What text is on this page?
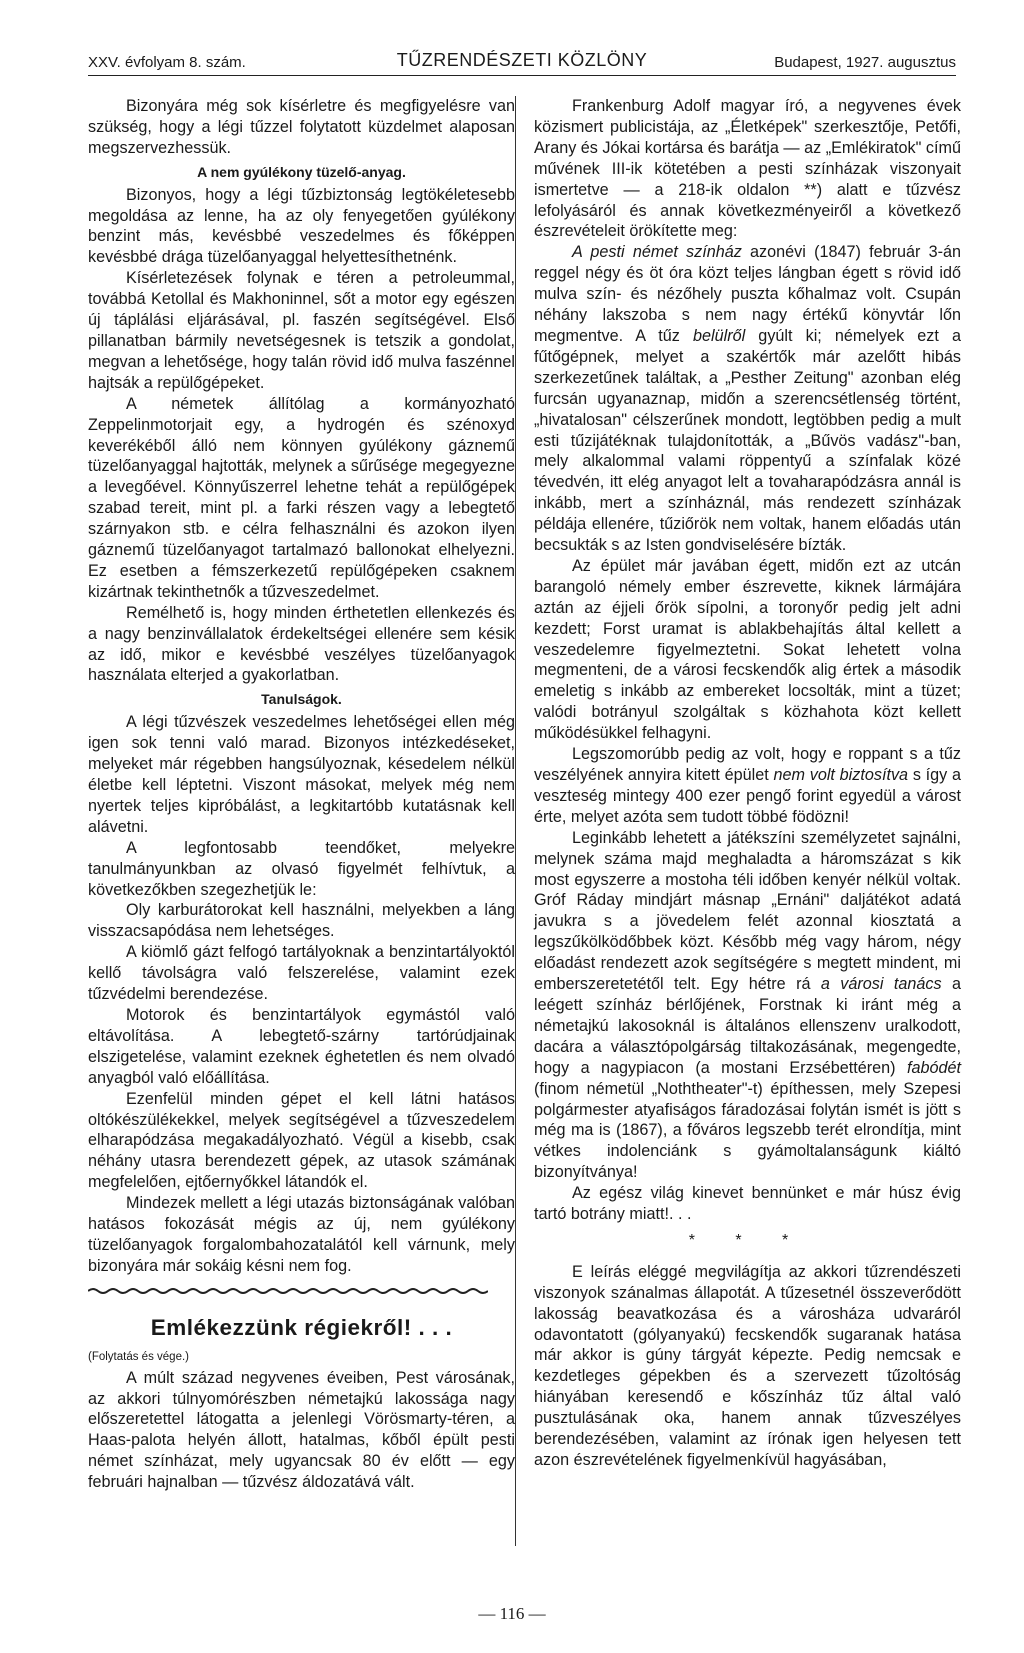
XXV. évfolyam 8. szám.	TŰZRENDÉSZETI KÖZLÖNY	Budapest, 1927. augusztus

Bizonyára még sok kísérletre és megfigyelésre van szükség, hogy a légi tűzzel folytatott küzdelmet alaposan megszervezhessük.

A nem gyúlékony tüzelő-anyag.

Bizonyos, hogy a légi tűzbiztonság legtökéletesebb megoldása az lenne, ha az oly fenyegetően gyúlékony benzint más, kevésbbé veszedelmes és főképpen kevésbbé drága tüzelőanyaggal helyettesíthetnénk.

Kísérletezések folynak e téren a petroleummal, továbbá Ketollal és Makhoninnel, sőt a motor egy egészen új táplálási eljárásával, pl. faszén segítségével. Első pillanatban bármily nevetségesnek is tetszik a gondolat, megvan a lehetősége, hogy talán rövid idő mulva faszénnel hajtsák a repülőgépeket.

A németek állítólag a kormányozható Zeppelinmotorjait egy, a hydrogén és szénoxyd keverékéből álló nem könnyen gyúlékony gáznemű tüzelőanyaggal hajtották, melynek a sűrűsége megegyezne a levegőével. Könnyűszerrel lehetne tehát a repülőgépek szabad tereit, mint pl. a farki részen vagy a lebegtető szárnyakon stb. e célra felhasználni és azokon ilyen gáznemű tüzelőanyagot tartalmazó ballonokat elhelyezni. Ez esetben a fémszerkezetű repülőgépeken csaknem kizártnak tekinthetnők a tűzveszedelmet.

Remélhető is, hogy minden érthetetlen ellenkezés és a nagy benzinvállalatok érdekeltségei ellenére sem késik az idő, mikor e kevésbbé veszélyes tüzelőanyagok használata elterjed a gyakorlatban.

Tanulságok.

A légi tűzvészek veszedelmes lehetőségei ellen még igen sok tenni való marad. Bizonyos intézkedéseket, melyeket már régebben hangsúlyoznak, késedelem nélkül életbe kell léptetni. Viszont másokat, melyek még nem nyertek teljes kipróbálást, a legkitartóbb kutatásnak kell alávetni.

A legfontosabb teendőket, melyekre tanulmányunkban az olvasó figyelmét felhívtuk, a következőkben szegezhetjük le:

Oly karburátorokat kell használni, melyekben a láng visszacsapódása nem lehetséges.

A kiömlő gázt felfogó tartályoknak a benzintartályoktól kellő távolságra való felszerelése, valamint ezek tűzvédelmi berendezése.

Motorok és benzintartályok egymástól való eltávolítása. A lebegtető-szárny tartórúdjainak elszigetelése, valamint ezeknek éghetetlen és nem olvadó anyagból való előállítása.

Ezenfelül minden gépet el kell látni hatásos oltókészülékekkel, melyek segítségével a tűzveszedelem elharapódzása megakadályozható. Végül a kisebb, csak néhány utasra berendezett gépek, az utasok számának megfelelően, ejtőernyőkkel látandók el.

Mindezek mellett a légi utazás biztonságának valóban hatásos fokozását mégis az új, nem gyúlékony tüzelőanyagok forgalombahozatalától kell várnunk, mely bizonyára már sokáig késni nem fog.

Emlékezzünk régiekről! . . .

(Folytatás és vége.)

A múlt század negyvenes éveiben, Pest városának, az akkori túlnyomórészben németajkú lakossága nagy előszeretettel látogatta a jelenlegi Vörösmarty-téren, a Haas-palota helyén állott, hatalmas, kőből épült pesti német színházat, mely ugyancsak 80 év előtt — egy februári hajnalban — tűzvész áldozatává vált.

Frankenburg Adolf magyar író, a negyvenes évek közismert publicistája, az „Életképek" szerkesztője, Petőfi, Arany és Jókai kortársa és barátja — az „Emlékiratok" című művének III-ik kötetében a pesti színházak viszonyait ismertetve — a 218-ik oldalon **) alatt e tűzvész lefolyásáról és annak következményeiről a következő észrevételeit örökítette meg:

A pesti német színház azonévi (1847) február 3-án reggel négy és öt óra közt teljes lángban égett s rövid idő mulva szín- és nézőhely puszta kőhalmaz volt. Csupán néhány lakszoba s nem nagy értékű könyvtár lőn megmentve. A tűz belülről gyúlt ki; némelyek ezt a fűtőgépnek, melyet a szakértők már azelőtt hibás szerkezetűnek találtak, a „Pesther Zeitung" azonban elég furcsán ugyanaznap, midőn a szerencsétlenség történt, „hivatalosan" célszerűnek mondott, legtöbben pedig a mult esti tűzijátéknak tulajdonították, a „Bűvös vadász"-ban, mely alkalommal valami röppentyű a színfalak közé tévedvén, itt elég anyagot lelt a tovaharapódzásra annál is inkább, mert a színháznál, más rendezett színházak példája ellenére, tűziőrök nem voltak, hanem előadás után becsukták s az Isten gondviselésére bízták.

Az épület már javában égett, midőn ezt az utcán barangoló némely ember észrevette, kiknek lármájára aztán az éjjeli őrök sípolni, a toronyőr pedig jelt adni kezdett; Forst uramat is ablakbehajítás által kellett a veszedelemre figyelmeztetni. Sokat lehetett volna megmenteni, de a városi fecskendők alig értek a második emeletig s inkább az embereket locsolták, mint a tüzet; valódi botrányul szolgáltak s közhahota közt kellett működésükkel felhagyni.

Legszomorúbb pedig az volt, hogy e roppant s a tűz veszélyének annyira kitett épület nem volt biztosítva s így a veszteség mintegy 400 ezer pengő forint egyedül a várost érte, melyet azóta sem tudott többé födözni!

Leginkább lehetett a játékszíni személyzetet sajnálni, melynek száma majd meghaladta a háromszázat s kik most egyszerre a mostoha téli időben kenyér nélkül voltak. Gróf Ráday mindjárt másnap „Ernáni" daljátékot adatá javukra s a jövedelem felét azonnal kiosztatá a legszűkölködőbbek közt. Később még vagy három, négy előadást rendezett azok segítségére s megtett mindent, mi emberszeretetétől telt. Egy hétre rá a városi tanács a leégett színház bérlőjének, Forstnak ki iránt még a németajkú lakosoknál is általános ellenszenv uralkodott, dacára a választópolgárság tiltakozásának, megengedte, hogy a nagypiacon (a mostani Erzsébettéren) fabódét (finom németül „Noththeater"-t) építhessen, mely Szepesi polgármester atyafiságos fáradozásai folytán ismét is jött s még ma is (1867), a főváros legszebb terét elrondítja, mint vétkes indolenciánk s gyámoltalanságunk kiáltó bizonyítványa!

Az egész világ kinevet bennünket e már húsz évig tartó botrány miatt!. . .

* * *

E leírás eléggé megvilágítja az akkori tűzrendészeti viszonyok szánalmas állapotát. A tűzesetnél összeverődött lakosság beavatkozása és a városháza udvaráról odavontatott (gólyanyakú) fecskendők sugaranak hatása már akkor is gúny tárgyát képezte. Pedig nemcsak e kezdetleges gépekben és a szervezett tűzoltóság hiányában keresendő e kőszínház tűz által való pusztulásának oka, hanem annak tűzveszélyes berendezésében, valamint az írónak igen helyesen tett azon észrevételének figyelmenkívül hagyásában,

— 116 —
